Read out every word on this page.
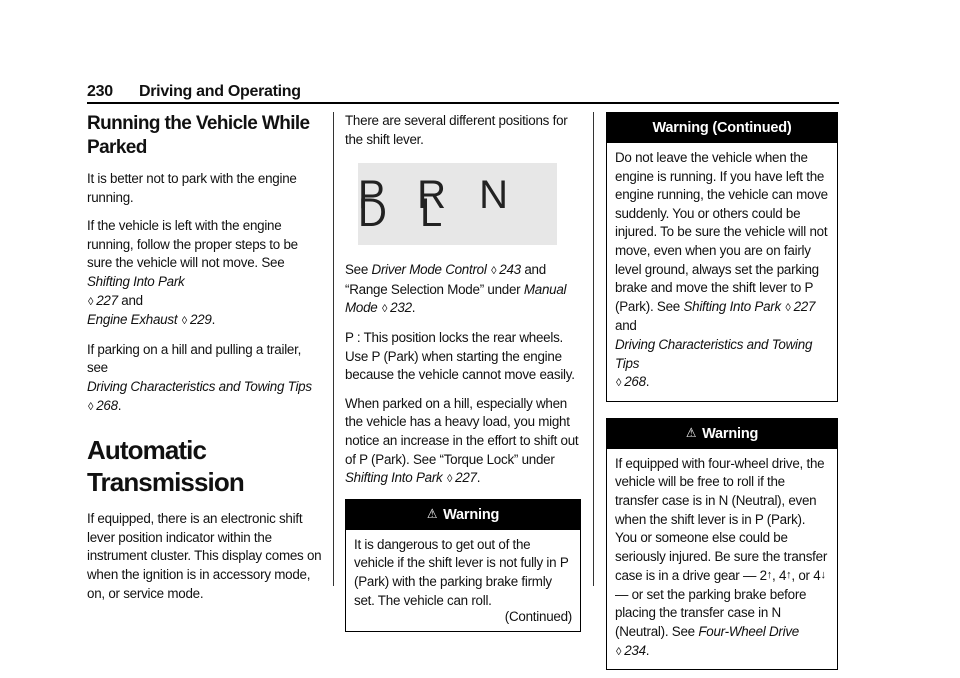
230 Driving and Operating
Running the Vehicle While Parked

It is better not to park with the engine running.

If the vehicle is left with the engine running, follow the proper steps to be sure the vehicle will not move. See Shifting Into Park
◊ 227 and
Engine Exhaust ◊ 229.

If parking on a hill and pulling a trailer, see
Driving Characteristics and Towing Tips
◊ 268.

Automatic Transmission

If equipped, there is an electronic shift lever position indicator within the instrument cluster. This display comes on when the ignition is in accessory mode, on, or service mode.

There are several different positions for the shift lever.

P R N D L

See Driver Mode Control ◊ 243 and “Range Selection Mode” under Manual Mode ◊ 232.

P : This position locks the rear wheels. Use P (Park) when starting the engine because the vehicle cannot move easily.

When parked on a hill, especially when the vehicle has a heavy load, you might notice an increase in the effort to shift out of P (Park). See “Torque Lock” under Shifting Into Park ◊ 227.

⚠ Warning

It is dangerous to get out of the vehicle if the shift lever is not fully in P (Park) with the parking brake firmly set. The vehicle can roll.

(Continued)
Warning (Continued)

Do not leave the vehicle when the engine is running. If you have left the engine running, the vehicle can move suddenly. You or others could be injured. To be sure the vehicle will not move, even when you are on fairly level ground, always set the parking brake and move the shift lever to P (Park). See Shifting Into Park ◊ 227 and
Driving Characteristics and Towing Tips
◊ 268.

⚠ Warning

If equipped with four-wheel drive, the vehicle will be free to roll if the transfer case is in N (Neutral), even when the shift lever is in P (Park). You or someone else could be seriously injured. Be sure the transfer case is in a drive gear — 2↑, 4↑, or 4↓ — or set the parking brake before placing the transfer case in N (Neutral). See Four-Wheel Drive ◊ 234.
